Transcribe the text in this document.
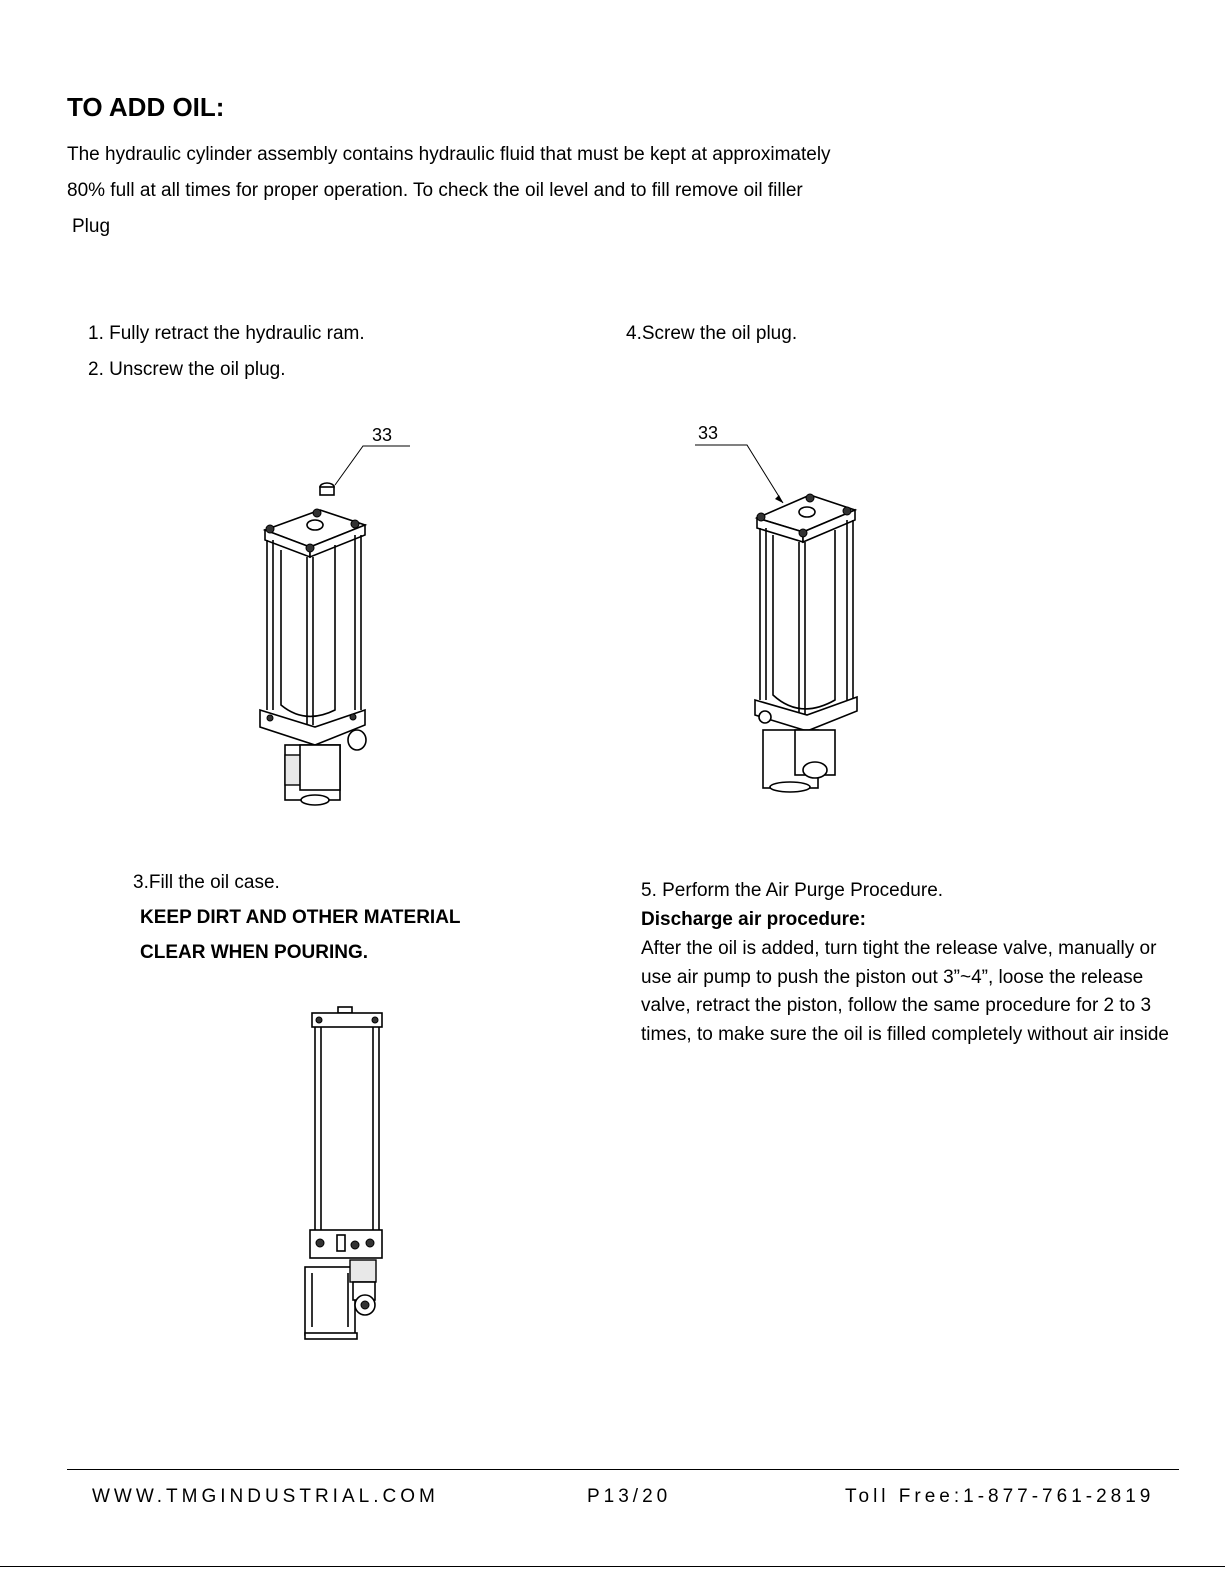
TO ADD OIL:
The hydraulic cylinder assembly contains hydraulic fluid that must be kept at approximately
80% full at all times for proper operation. To check the oil level and to fill remove oil filler
Plug
1. Fully retract the hydraulic ram.
2. Unscrew the oil plug.
4.Screw the oil plug.
33	33
3.Fill the oil case.
KEEP DIRT AND OTHER MATERIAL
CLEAR WHEN POURING.
5. Perform the Air Purge Procedure.
Discharge air procedure:
After the oil is added, turn tight the release valve, manually or use air pump to push the piston out 3”~4”, loose the release valve, retract the piston, follow the same procedure for 2 to 3 times, to make sure the oil is filled completely without air inside
WWW.TMGINDUSTRIAL.COM	P13/20	Toll Free:1-877-761-2819
